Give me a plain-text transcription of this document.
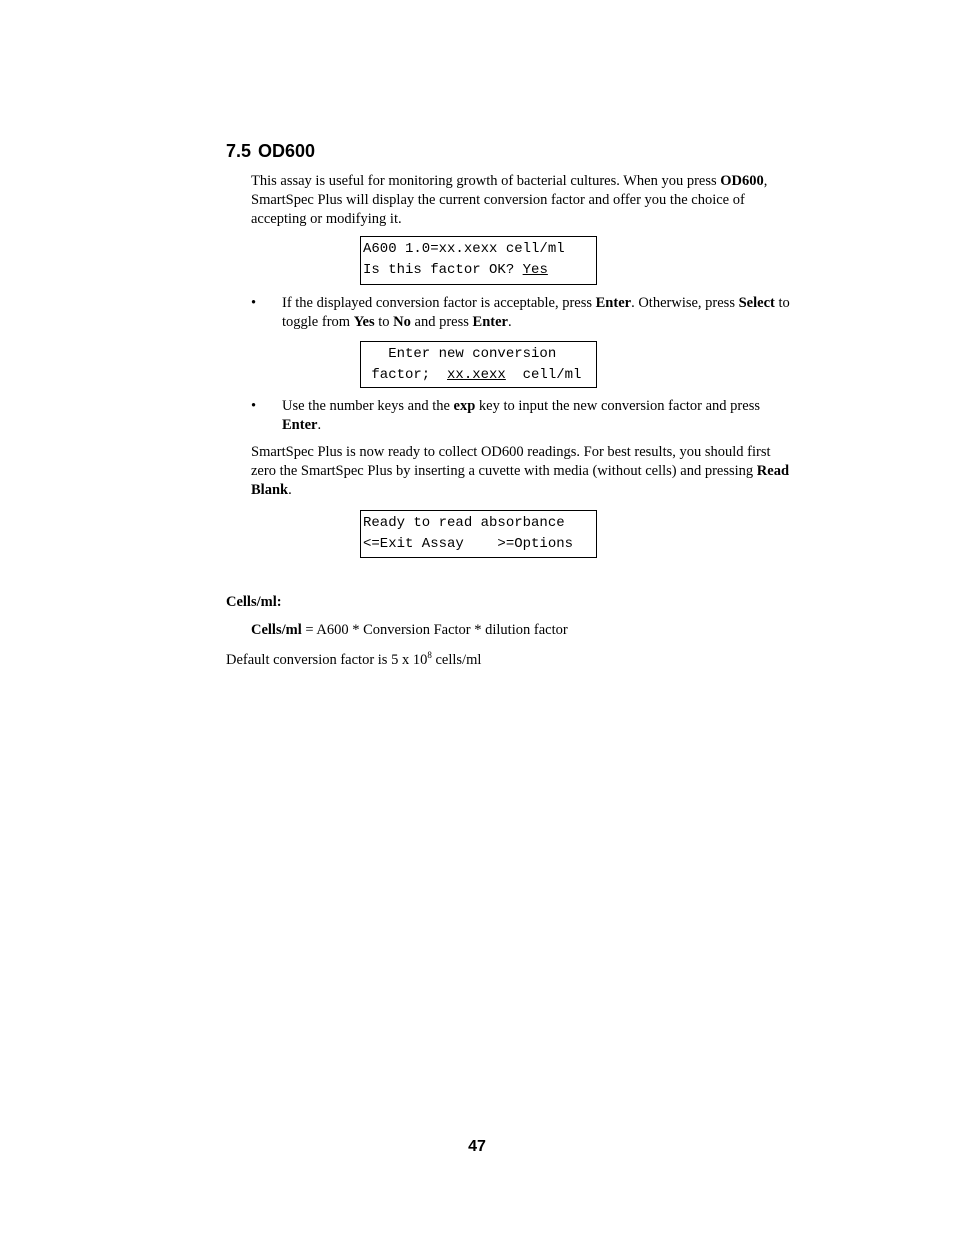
7.5 OD600

This assay is useful for monitoring growth of bacterial cultures. When you press OD600, SmartSpec Plus will display the current conversion factor and offer you the choice of accepting or modifying it.

A600 1.0=xx.xexx cell/ml
Is this factor OK? Yes
• If the displayed conversion factor is acceptable, press Enter. Otherwise, press Select to toggle from Yes to No and press Enter.
Enter new conversion
factor;  xx.xexx  cell/ml
• Use the number keys and the exp key to input the new conversion factor and press Enter.

SmartSpec Plus is now ready to collect OD600 readings. For best results, you should first zero the SmartSpec Plus by inserting a cuvette with media (without cells) and pressing Read Blank.

Ready to read absorbance
<=Exit Assay    >=Options
Cells/ml:
Cells/ml = A600 * Conversion Factor * dilution factor
Default conversion factor is 5 x $10^8$ cells/ml
47
